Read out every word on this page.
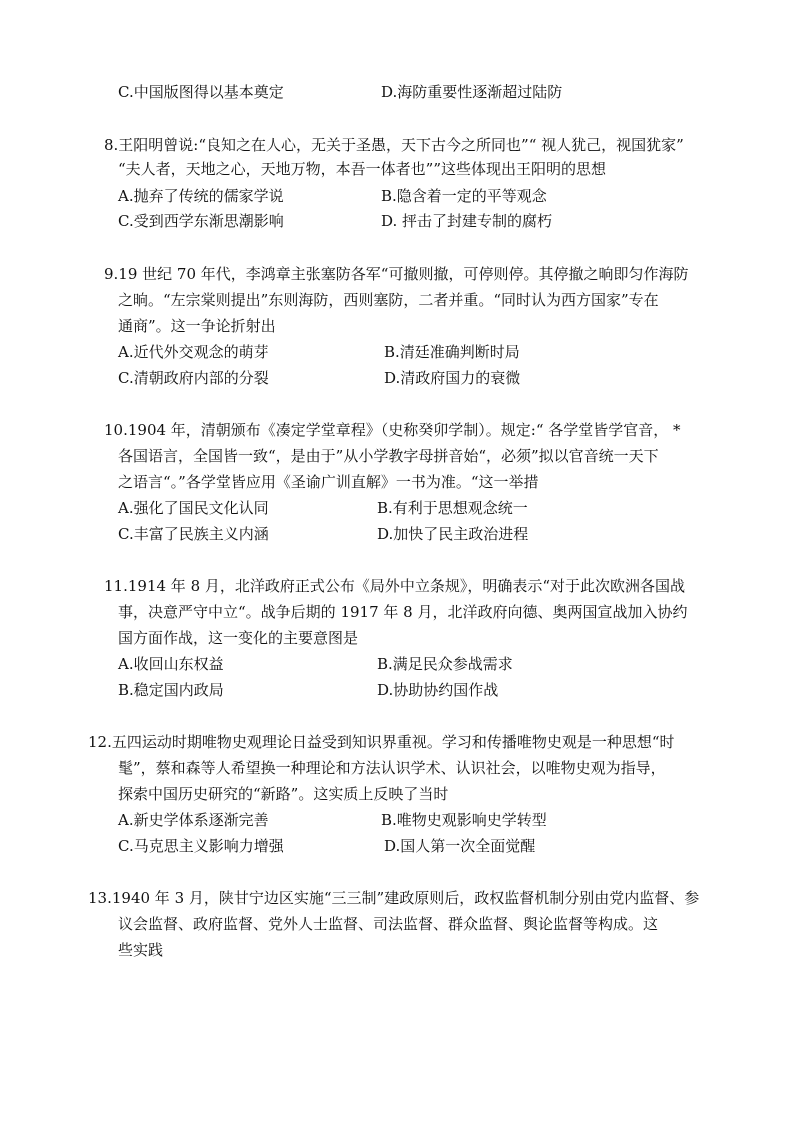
C.中国版图得以基本奠定	D.海防重要性逐渐超过陆防
8.王阳明曾说:“良知之在人心，无关于圣愚，天下古今之所同也”“ 视人犹己，视国犹家”
“夫人者，天地之心，天地万物，本吾一体者也””这些体现出王阳明的思想
A.抛弃了传统的儒家学说	B.隐含着一定的平等观念
C.受到西学东渐思潮影响	D. 抨击了封建专制的腐朽
9.19 世纪 70 年代，李鸿章主张塞防各军“可撤则撤，可停则停。其停撤之晌即匀作海防
之晌。“左宗棠则提出”东则海防，西则塞防，二者并重。“同时认为西方国家”专在
通商”。这一争论折射出
A.近代外交观念的萌芽	B.清廷准确判断时局
C.清朝政府内部的分裂	D.清政府国力的衰微
10.1904 年，清朝颁布《凑定学堂章程》（史称癸卯学制）。规定:“ 各学堂皆学官音， *
各国语言，全国皆一致“，是由于”从小学教字母拼音始“，必须”拟以官音统一天下
之语言“。”各学堂皆应用《圣谕广训直解》一书为准。“这一举措
A.强化了国民文化认同	B.有利于思想观念统一
C.丰富了民族主义内涵	D.加快了民主政治进程
11.1914 年 8 月，北洋政府正式公布《局外中立条规》，明确表示“对于此次欧洲各国战
事，决意严守中立“。战争后期的 1917 年 8 月，北洋政府向德、奥两国宣战加入协约
国方面作战，这一变化的主要意图是
A.收回山东权益	B.满足民众参战需求
B.稳定国内政局	D.协助协约国作战
12.五四运动时期唯物史观理论日益受到知识界重视。学习和传播唯物史观是一种思想“时
髦”，蔡和森等人希望换一种理论和方法认识学术、认识社会，以唯物史观为指导，
探索中国历史研究的“新路”。这实质上反映了当时
A.新史学体系逐渐完善	B.唯物史观影响史学转型
C.马克思主义影响力增强	D.国人第一次全面觉醒
13.1940 年 3 月，陕甘宁边区实施“三三制”建政原则后，政权监督机制分别由党内监督、参
议会监督、政府监督、党外人士监督、司法监督、群众监督、舆论监督等构成。这
些实践
